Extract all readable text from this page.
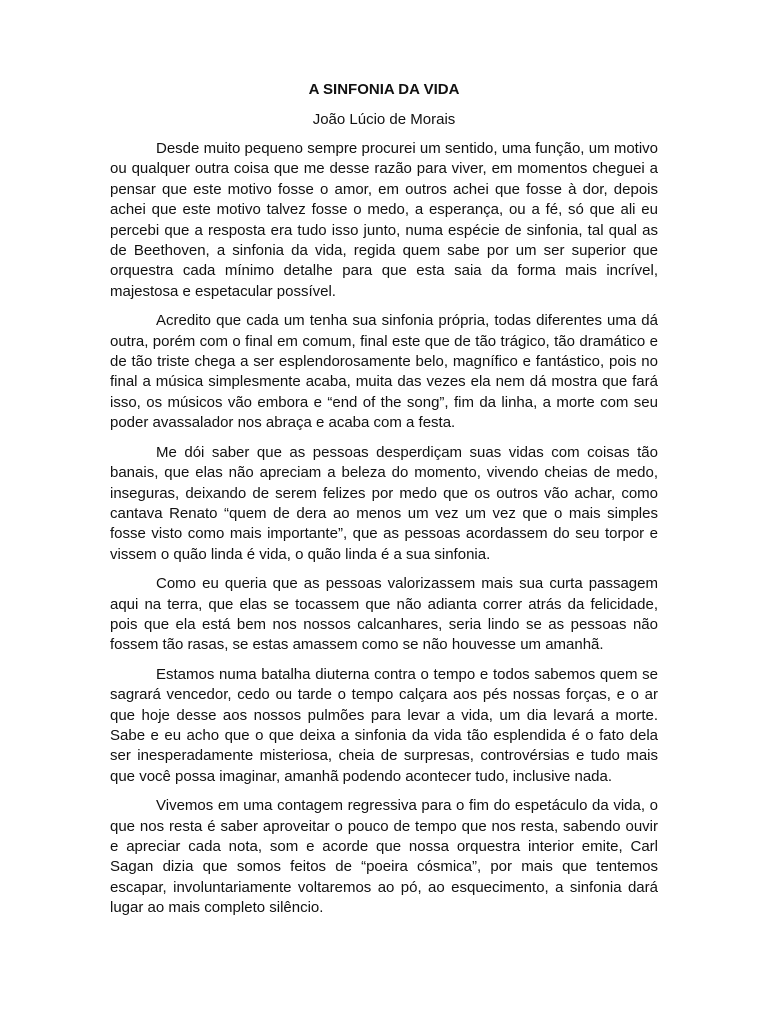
A SINFONIA DA VIDA
João Lúcio de Morais

Desde muito pequeno sempre procurei um sentido, uma função, um motivo ou qualquer outra coisa que me desse razão para viver, em momentos cheguei a pensar que este motivo fosse o amor, em outros achei que fosse à dor, depois achei que este motivo talvez fosse o medo, a esperança, ou a fé, só que ali eu percebi que a resposta era tudo isso junto, numa espécie de sinfonia, tal qual as de Beethoven, a sinfonia da vida, regida quem sabe por um ser superior que orquestra cada mínimo detalhe para que esta saia da forma mais incrível, majestosa e espetacular possível.

Acredito que cada um tenha sua sinfonia própria, todas diferentes uma dá outra, porém com o final em comum, final este que de tão trágico, tão dramático e de tão triste chega a ser esplendorosamente belo, magnífico e fantástico, pois no final a música simplesmente acaba, muita das vezes ela nem dá mostra que fará isso, os músicos vão embora e “end of the song”, fim da linha, a morte com seu poder avassalador nos abraça e acaba com a festa.

Me dói saber que as pessoas desperdiçam suas vidas com coisas tão banais, que elas não apreciam a beleza do momento, vivendo cheias de medo, inseguras, deixando de serem felizes por medo que os outros vão achar, como cantava Renato “quem de dera ao menos um vez um vez que o mais simples fosse visto como mais importante”, que as pessoas acordassem do seu torpor e vissem o quão linda é vida, o quão linda é a sua sinfonia.

Como eu queria que as pessoas valorizassem mais sua curta passagem aqui na terra, que elas se tocassem que não adianta correr atrás da felicidade, pois que ela está bem nos nossos calcanhares, seria lindo se as pessoas não fossem tão rasas, se estas amassem como se não houvesse um amanhã.

Estamos numa batalha diuterna contra o tempo e todos sabemos quem se sagrará vencedor, cedo ou tarde o tempo calçara aos pés nossas forças, e o ar que hoje desse aos nossos pulmões para levar a vida, um dia levará a morte. Sabe e eu acho que o que deixa a sinfonia da vida tão esplendida é o fato dela ser inesperadamente misteriosa, cheia de surpresas, controvérsias e tudo mais que você possa imaginar, amanhã podendo acontecer tudo, inclusive nada.

Vivemos em uma contagem regressiva para o fim do espetáculo da vida, o que nos resta é saber aproveitar o pouco de tempo que nos resta, sabendo ouvir e apreciar cada nota, som e acorde que nossa orquestra interior emite, Carl Sagan dizia que somos feitos de “poeira cósmica”, por mais que tentemos escapar, involuntariamente voltaremos ao pó, ao esquecimento, a sinfonia dará lugar ao mais completo silêncio.
